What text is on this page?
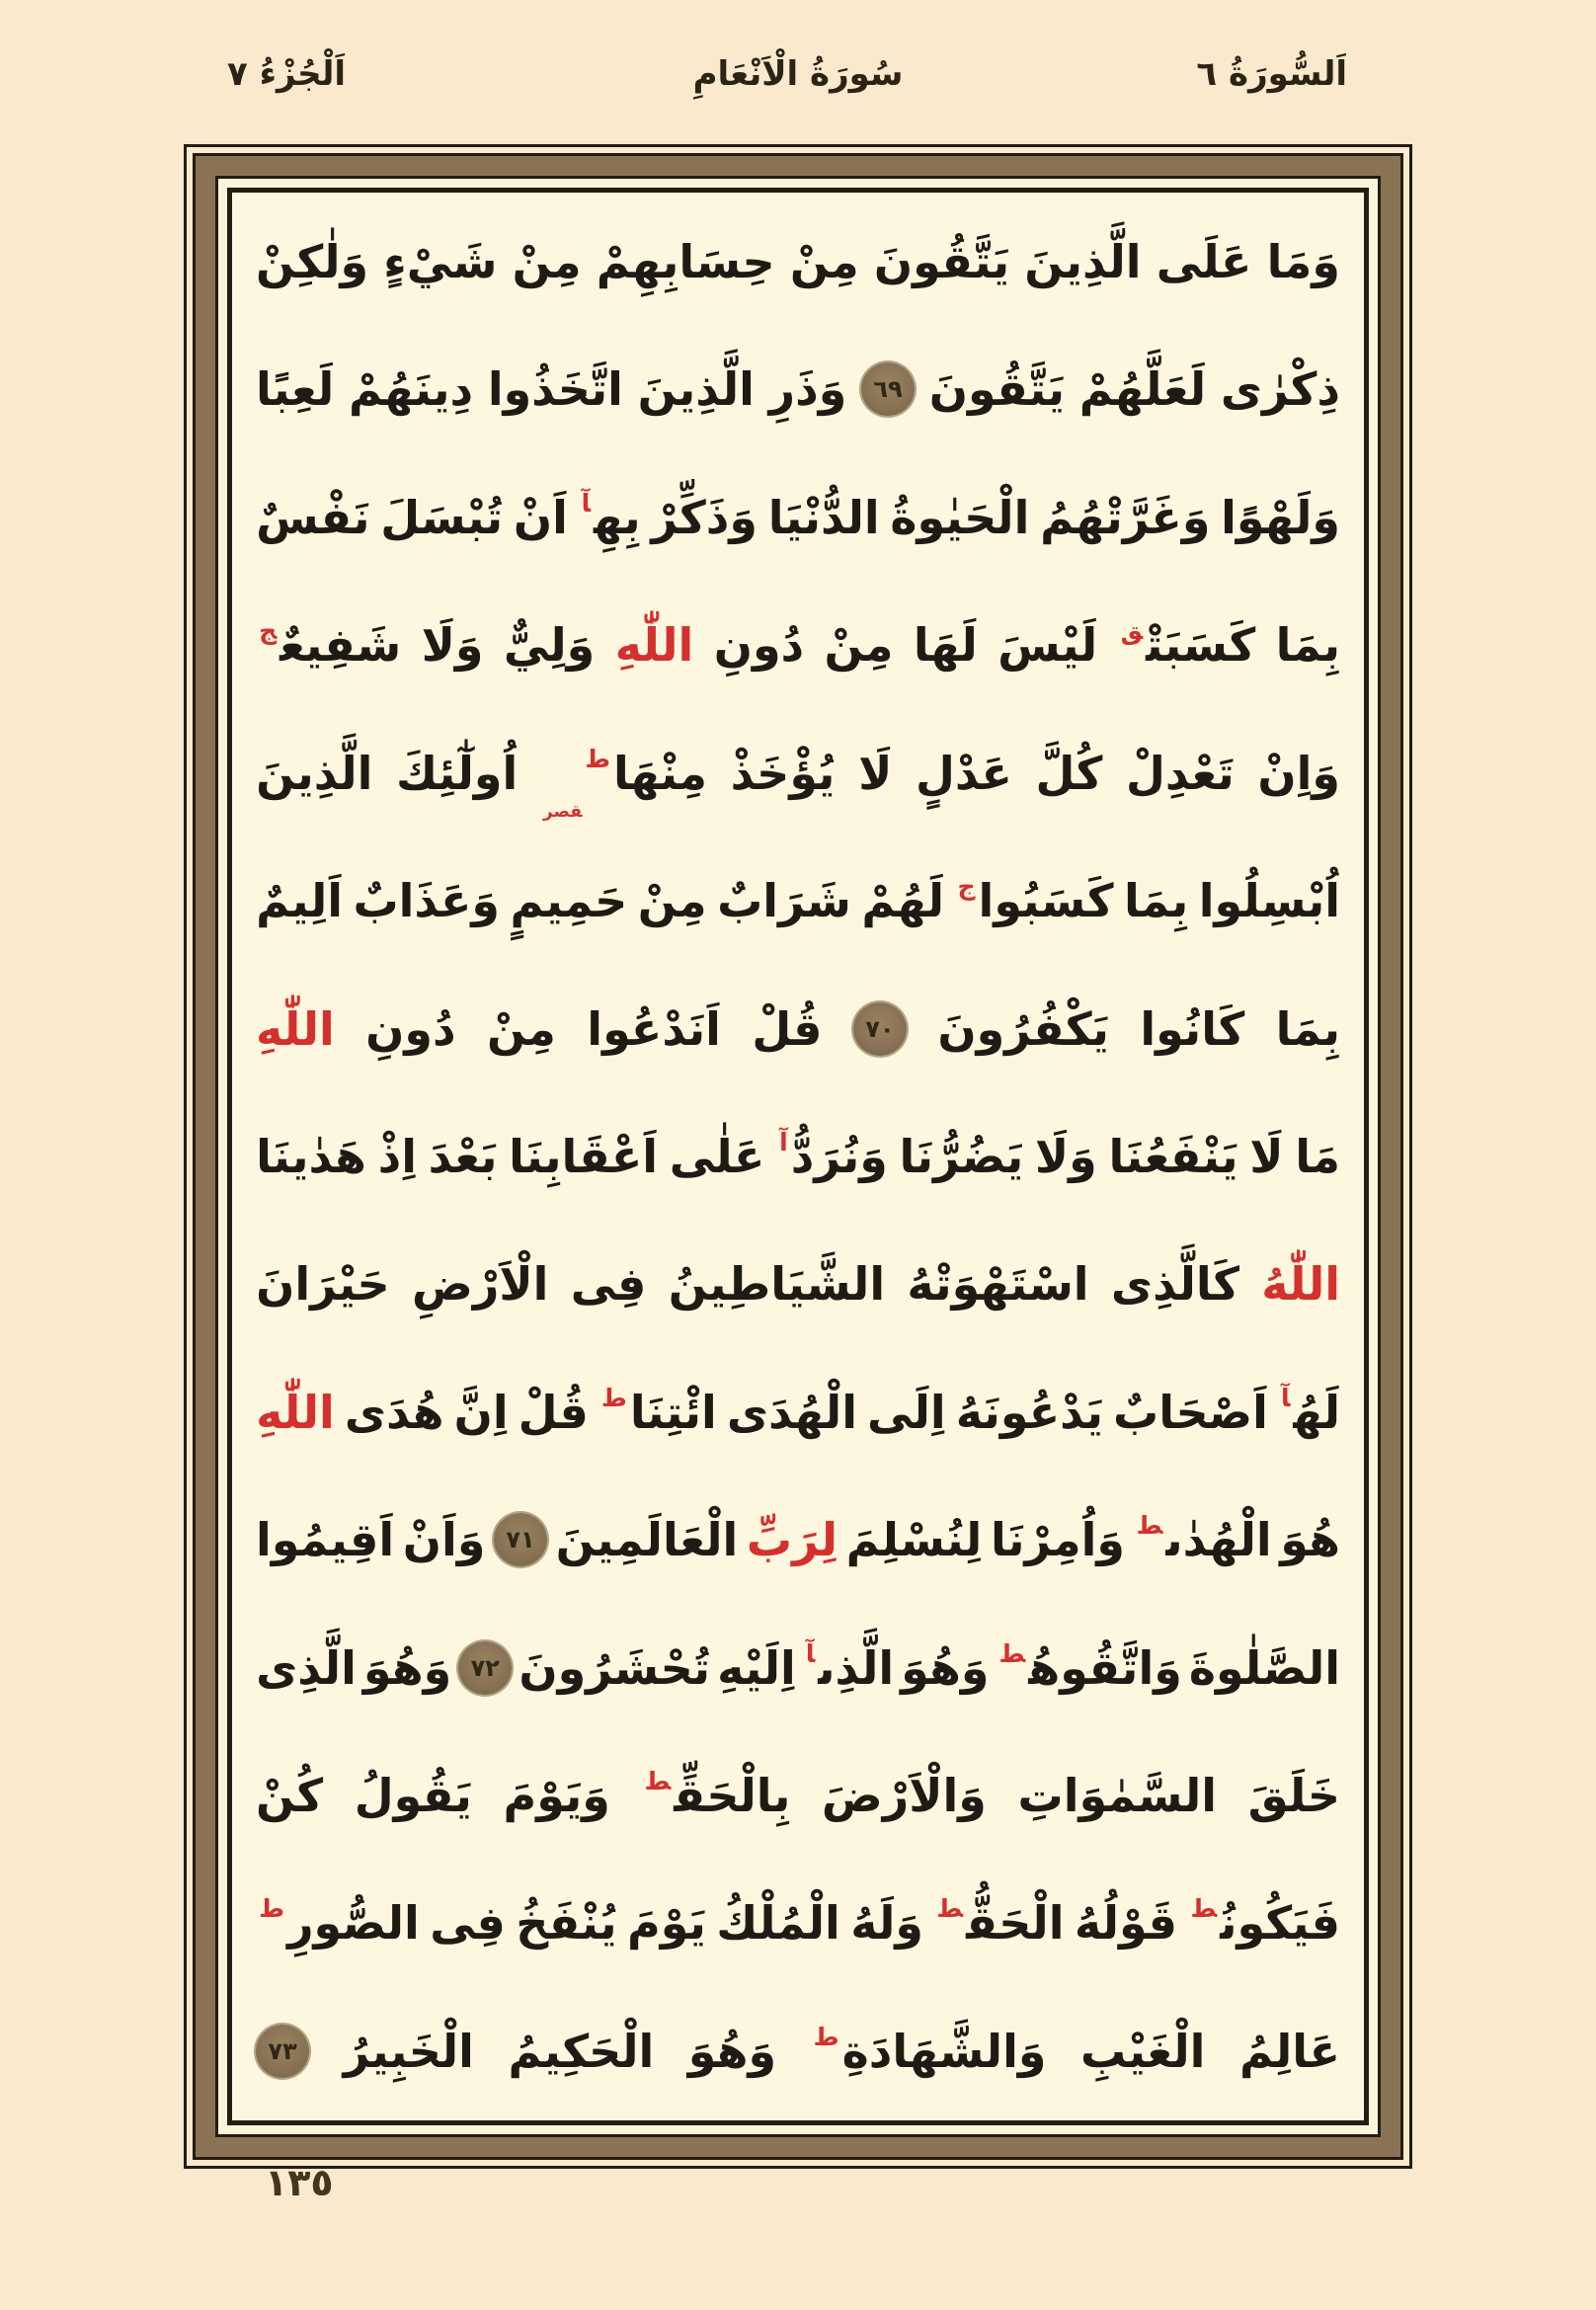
اَلْجُزْءُ ٧	سُورَةُ الْاَنْعَامِ	اَلسُّورَةُ ٦
وَمَا
عَلَى
الَّذِينَ
يَتَّقُونَ
مِنْ
حِسَابِهِمْ
مِنْ
شَيْءٍ
وَلٰكِنْ
ذِكْرٰى
لَعَلَّهُمْ
يَتَّقُونَ
٦٩
وَذَرِ
الَّذِينَ
اتَّخَذُوا
دِينَهُمْ
لَعِبًا
وَلَهْوًا
وَغَرَّتْهُمُ
الْحَيٰوةُ
الدُّنْيَا
وَذَكِّرْ
بِهِ$^آ$
اَنْ
تُبْسَلَ
نَفْسٌ
بِمَا
كَسَبَتْ$^ق$
لَيْسَ
لَهَا
مِنْ
دُونِ
اللّٰهِ
وَلِيٌّ
وَلَا
شَفِيعٌ$^ج$
وَاِنْ
تَعْدِلْ
كُلَّ
عَدْلٍ
لَا
يُؤْخَذْ
مِنْهَا$^ط_{قصر}$
اُولٰٓئِكَ
الَّذِينَ
اُبْسِلُوا
بِمَا
كَسَبُوا$^ج$
لَهُمْ
شَرَابٌ
مِنْ
حَمِيمٍ
وَعَذَابٌ
اَلِيمٌ
بِمَا
كَانُوا
يَكْفُرُونَ
٧٠
قُلْ
اَنَدْعُوا
مِنْ
دُونِ
اللّٰهِ
مَا
لَا
يَنْفَعُنَا
وَلَا
يَضُرُّنَا
وَنُرَدُّ$^آ$
عَلٰى
اَعْقَابِنَا
بَعْدَ
اِذْ
هَدٰينَا
اللّٰهُ
كَالَّذِى
اسْتَهْوَتْهُ
الشَّيَاطِينُ
فِى
الْاَرْضِ
حَيْرَانَ
لَهُ$^آ$
اَصْحَابٌ
يَدْعُونَهُ
اِلَى
الْهُدَى
ائْتِنَا$^ط$
قُلْ
اِنَّ
هُدَى
اللّٰهِ
هُوَ
الْهُدٰى$^ط$
وَاُمِرْنَا
لِنُسْلِمَ
لِرَبِّ
الْعَالَمِينَ
٧١
وَاَنْ
اَقِيمُوا
الصَّلٰوةَ
وَاتَّقُوهُ$^ط$
وَهُوَ
الَّذِى$^آ$
اِلَيْهِ
تُحْشَرُونَ
٧٢
وَهُوَ
الَّذِى
خَلَقَ
السَّمٰوَاتِ
وَالْاَرْضَ
بِالْحَقِّ$^ط$
وَيَوْمَ
يَقُولُ
كُنْ
فَيَكُونُ$^ط$
قَوْلُهُ
الْحَقُّ$^ط$
وَلَهُ
الْمُلْكُ
يَوْمَ
يُنْفَخُ
فِى
الصُّورِ$^ط$
عَالِمُ
الْغَيْبِ
وَالشَّهَادَةِ$^ط$
وَهُوَ
الْحَكِيمُ
الْخَبِيرُ
٧٣
١٣٥
